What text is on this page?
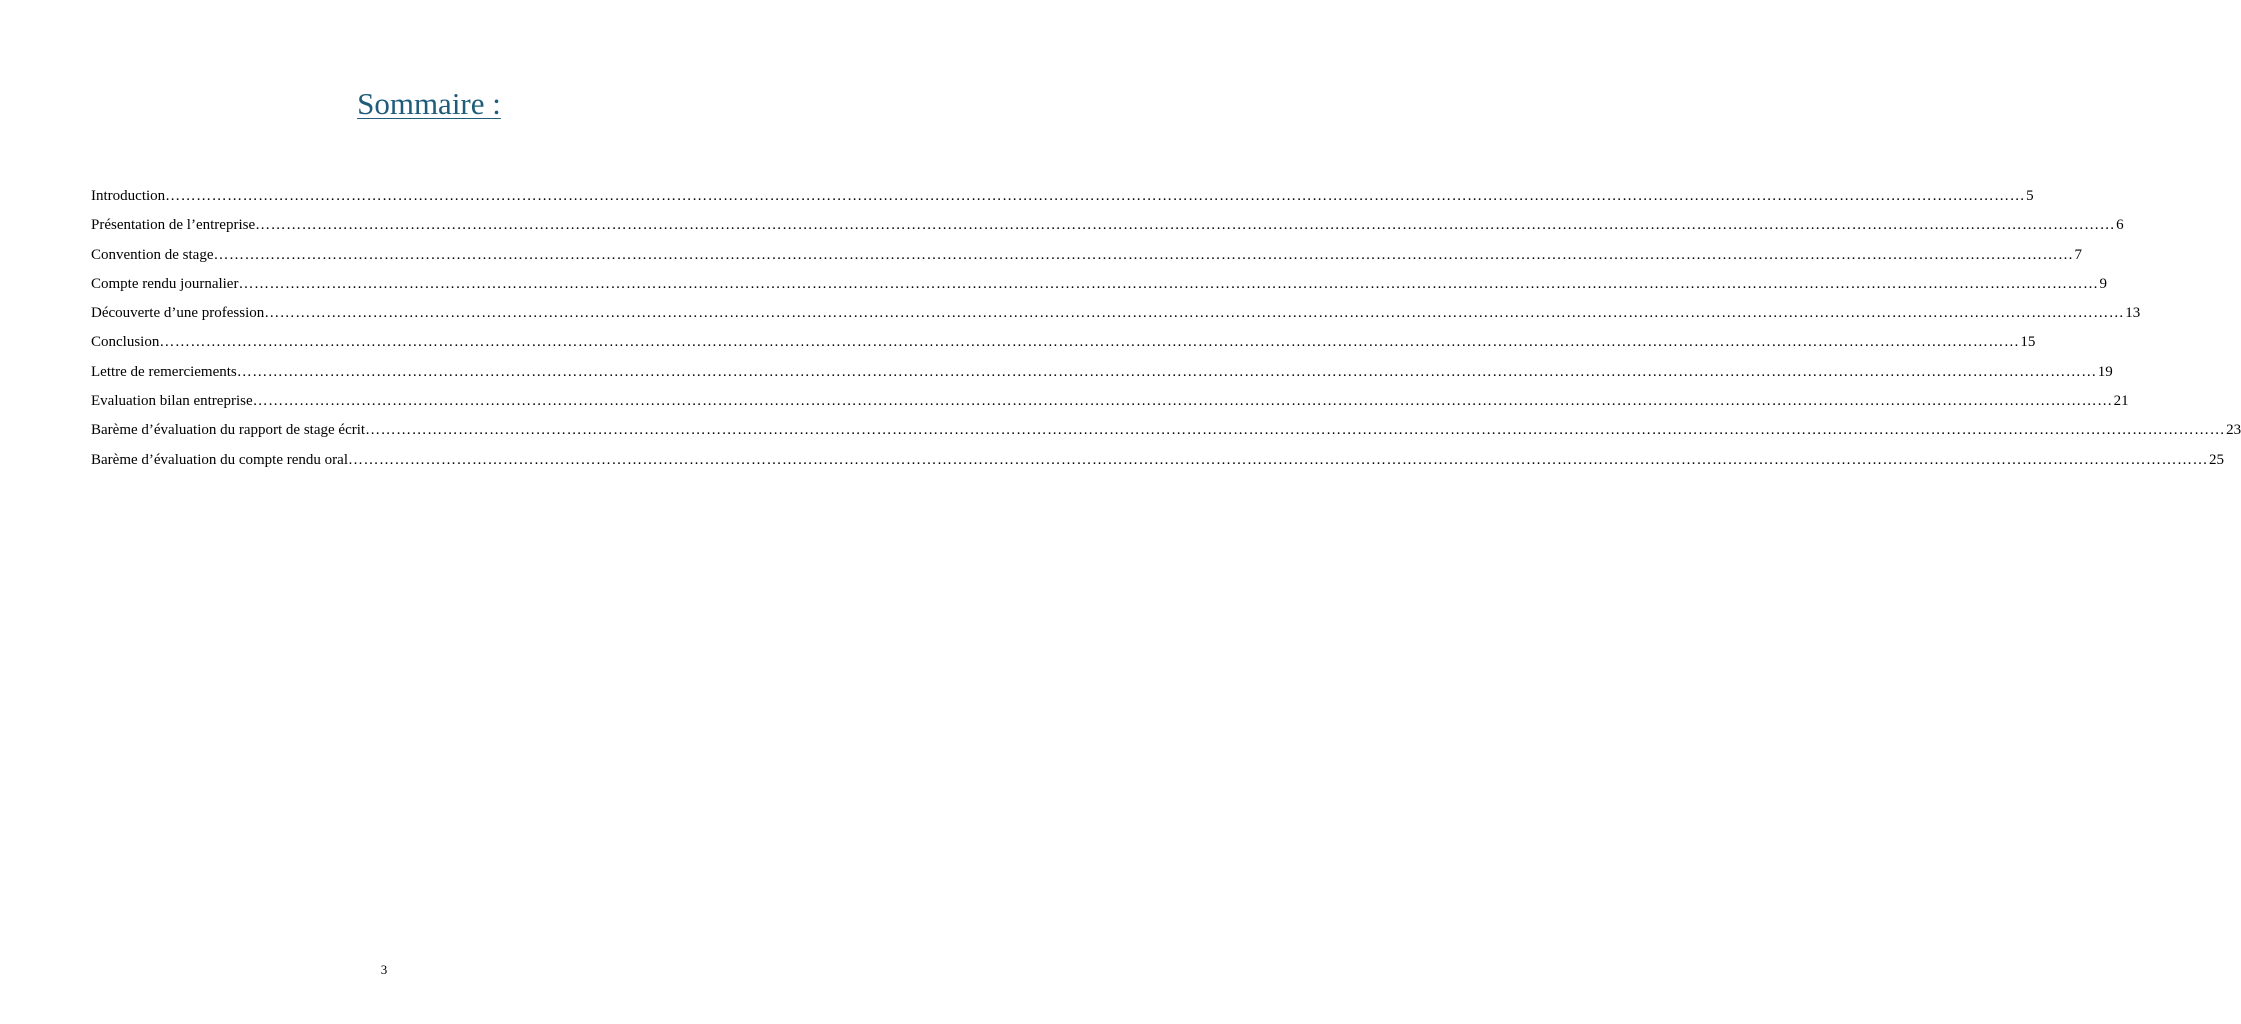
Sommaire :
Introduction ……………………………………………………………………………………………………………………………………………………………………………………………………………………………………………………………………………………………………………………………… 5
Présentation de l’entreprise ……………………………………………………………………………………………………………………………………………………………………………………………………………………………………………………………………………………………………………………………… 6
Convention de stage ……………………………………………………………………………………………………………………………………………………………………………………………………………………………………………………………………………………………………………………………… 7
Compte rendu journalier ……………………………………………………………………………………………………………………………………………………………………………………………………………………………………………………………………………………………………………………………… 9
Découverte d’une profession ……………………………………………………………………………………………………………………………………………………………………………………………………………………………………………………………………………………………………………………………… 13
Conclusion ……………………………………………………………………………………………………………………………………………………………………………………………………………………………………………………………………………………………………………………………… 15
Lettre de remerciements ……………………………………………………………………………………………………………………………………………………………………………………………………………………………………………………………………………………………………………………………… 19
Evaluation bilan entreprise ……………………………………………………………………………………………………………………………………………………………………………………………………………………………………………………………………………………………………………………………… 21
Barème d’évaluation du rapport de stage écrit ……………………………………………………………………………………………………………………………………………………………………………………………………………………………………………………………………………………………………………………………… 23
Barème d’évaluation du compte rendu oral ……………………………………………………………………………………………………………………………………………………………………………………………………………………………………………………………………………………………………………………………… 25
3
